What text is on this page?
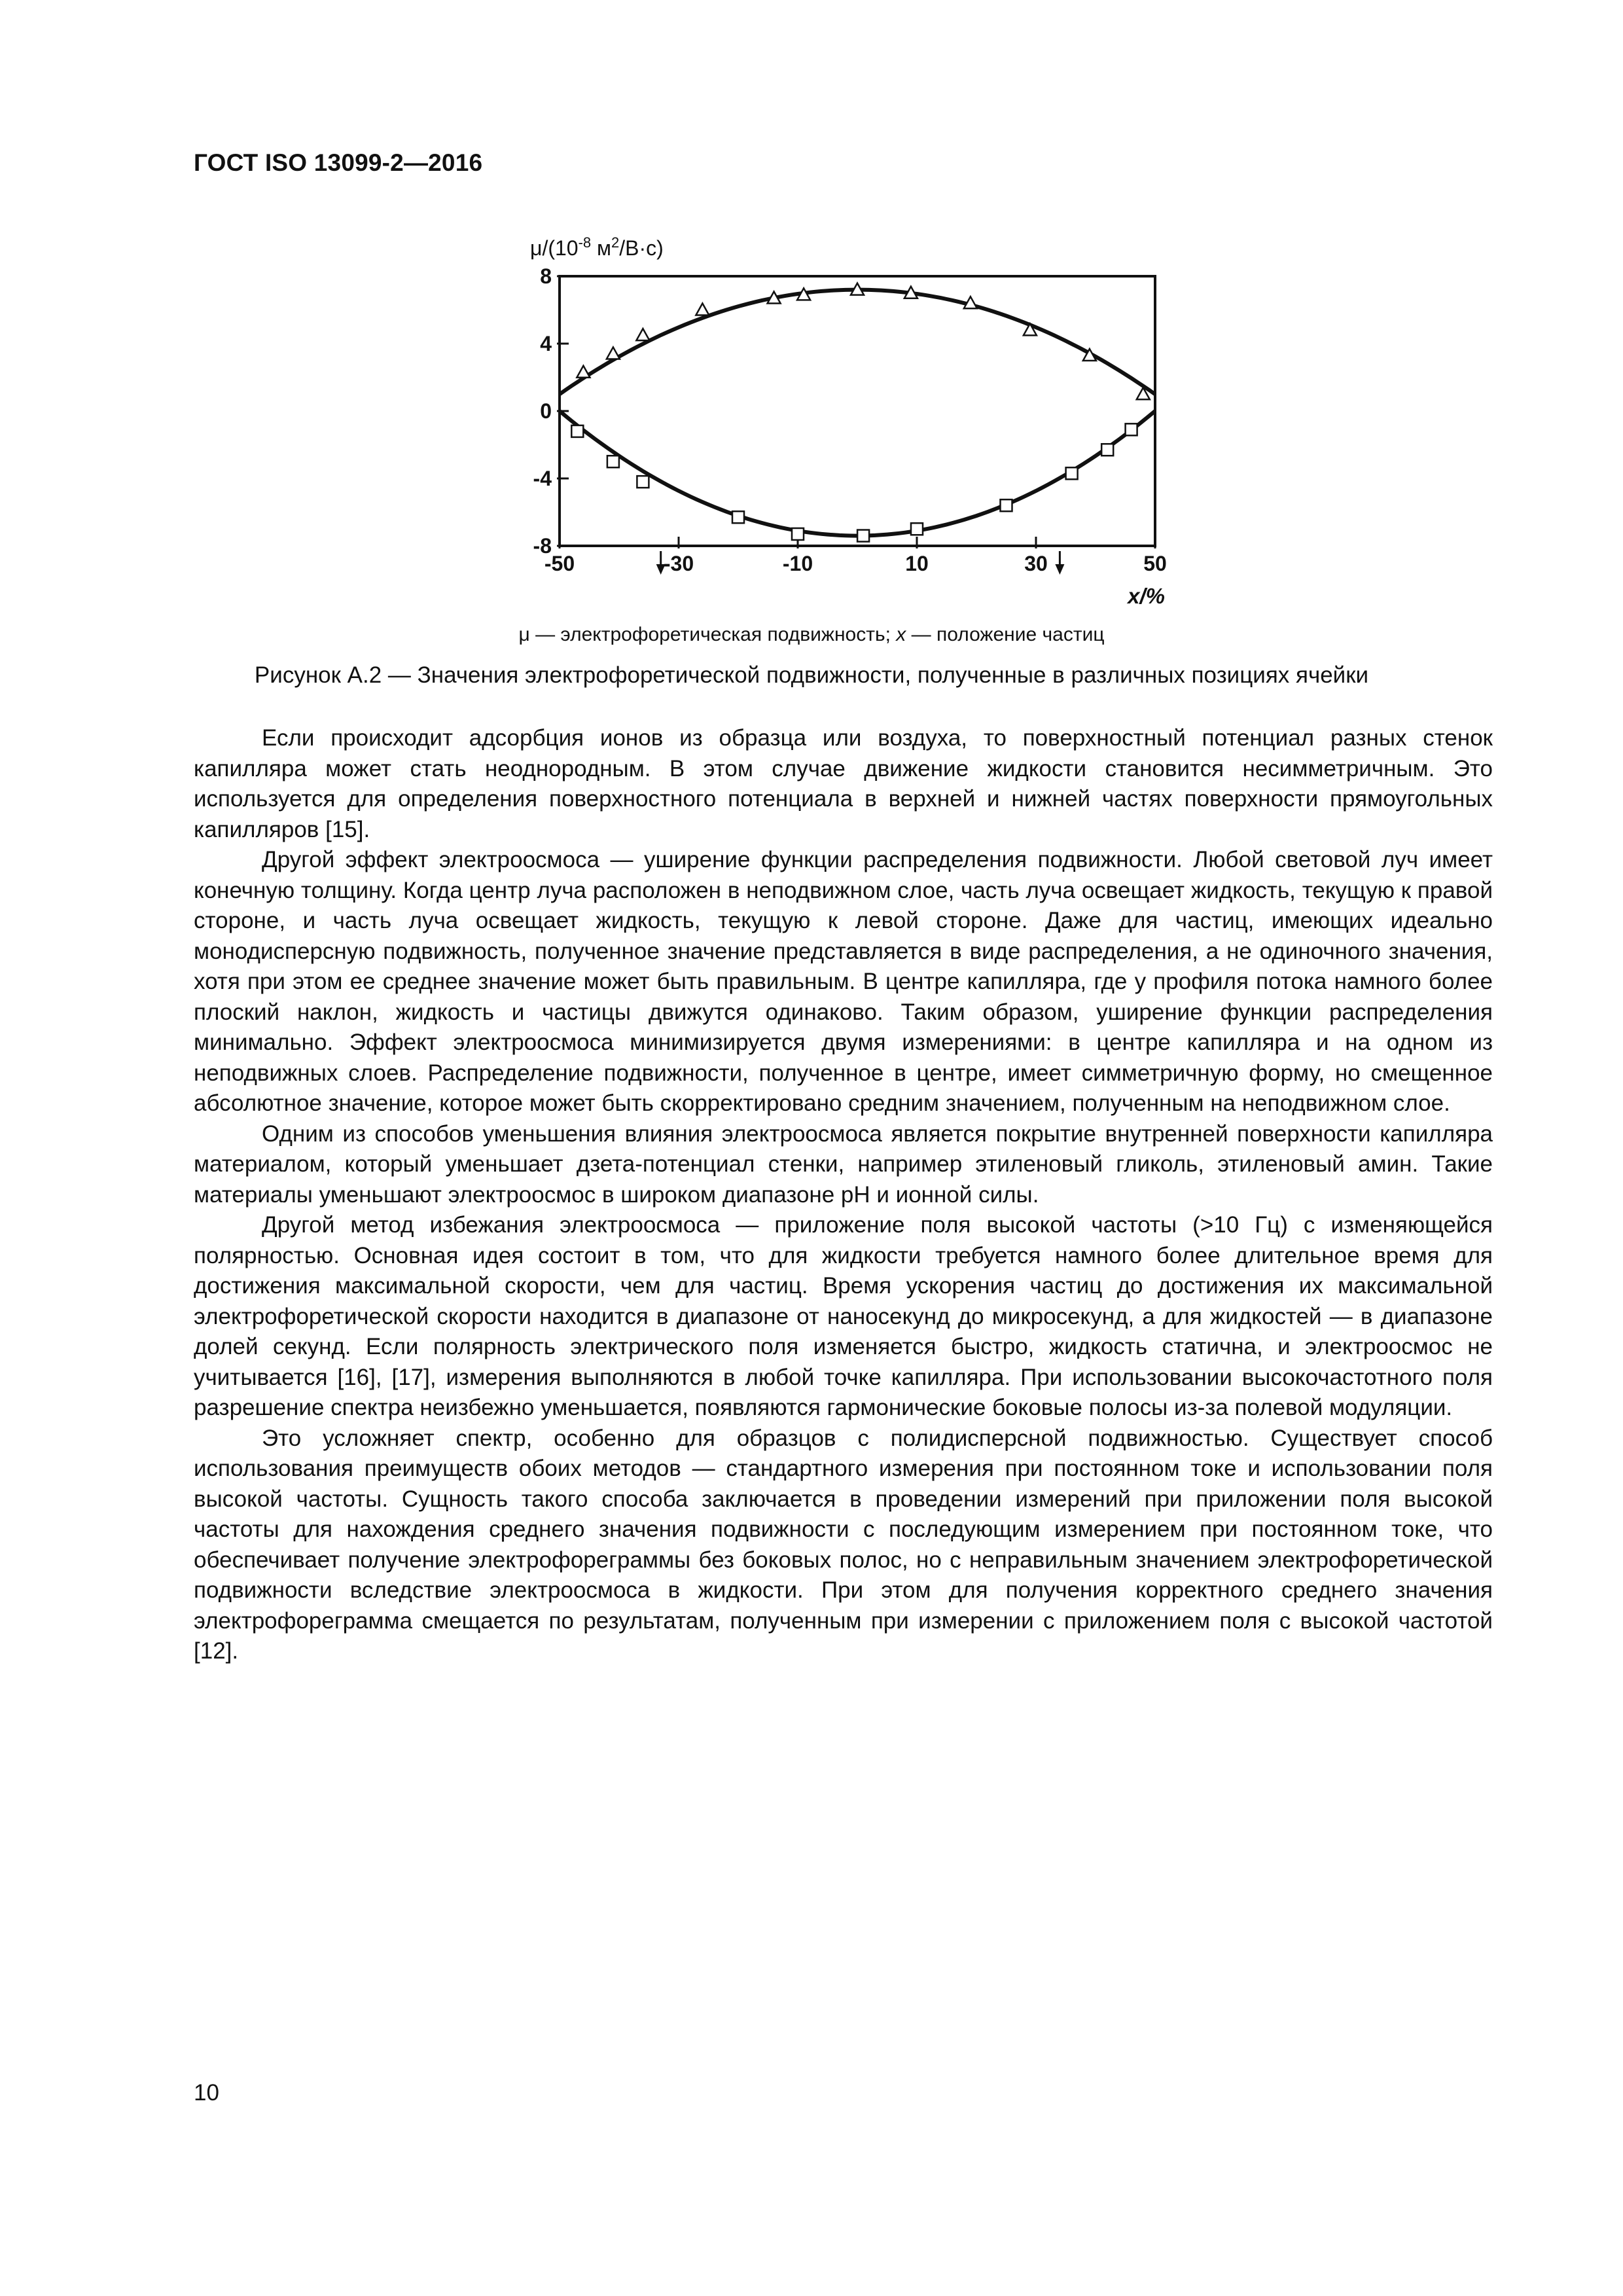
ГОСТ ISO 13099-2—2016
$\mu/(10^{-8}$ $м^2/В\cdot с$)
8
4
0
-4
-8
-50	-30	-10	10	30	50
x/%
μ — электрофоретическая подвижность; x — положение частиц
Рисунок А.2 — Значения электрофоретической подвижности, полученные в различных позициях ячейки

Если происходит адсорбция ионов из образца или воздуха, то поверхностный потенциал разных стенок капилляра может стать неоднородным. В этом случае движение жидкости становится несимметричным. Это используется для определения поверхностного потенциала в верхней и нижней частях поверхности прямоугольных капилляров [15].

Другой эффект электроосмоса — уширение функции распределения подвижности. Любой световой луч имеет конечную толщину. Когда центр луча расположен в неподвижном слое, часть луча освещает жидкость, текущую к правой стороне, и часть луча освещает жидкость, текущую к левой стороне. Даже для частиц, имеющих идеально монодисперсную подвижность, полученное значение представляется в виде распределения, а не одиночного значения, хотя при этом ее среднее значение может быть правильным. В центре капилляра, где у профиля потока намного более плоский наклон, жидкость и частицы движутся одинаково. Таким образом, уширение функции распределения минимально. Эффект электроосмоса минимизируется двумя измерениями: в центре капилляра и на одном из неподвижных слоев. Распределение подвижности, полученное в центре, имеет симметричную форму, но смещенное абсолютное значение, которое может быть скорректировано средним значением, полученным на неподвижном слое.

Одним из способов уменьшения влияния электроосмоса является покрытие внутренней поверхности капилляра материалом, который уменьшает дзета-потенциал стенки, например этиленовый гликоль, этиленовый амин. Такие материалы уменьшают электроосмос в широком диапазоне pH и ионной силы.

Другой метод избежания электроосмоса — приложение поля высокой частоты (>10 Гц) с изменяющейся полярностью. Основная идея состоит в том, что для жидкости требуется намного более длительное время для достижения максимальной скорости, чем для частиц. Время ускорения частиц до достижения их максимальной электрофоретической скорости находится в диапазоне от наносекунд до микросекунд, а для жидкостей — в диапазоне долей секунд. Если полярность электрического поля изменяется быстро, жидкость статична, и электроосмос не учитывается [16], [17], измерения выполняются в любой точке капилляра. При использовании высокочастотного поля разрешение спектра неизбежно уменьшается, появляются гармонические боковые полосы из-за полевой модуляции.

Это усложняет спектр, особенно для образцов с полидисперсной подвижностью. Существует способ использования преимуществ обоих методов — стандартного измерения при постоянном токе и использовании поля высокой частоты. Сущность такого способа заключается в проведении измерений при приложении поля высокой частоты для нахождения среднего значения подвижности с последующим измерением при постоянном токе, что обеспечивает получение электрофореграммы без боковых полос, но с неправильным значением электрофоретической подвижности вследствие электроосмоса в жидкости. При этом для получения корректного среднего значения электрофореграмма смещается по результатам, полученным при измерении с приложением поля с высокой частотой [12].

10
